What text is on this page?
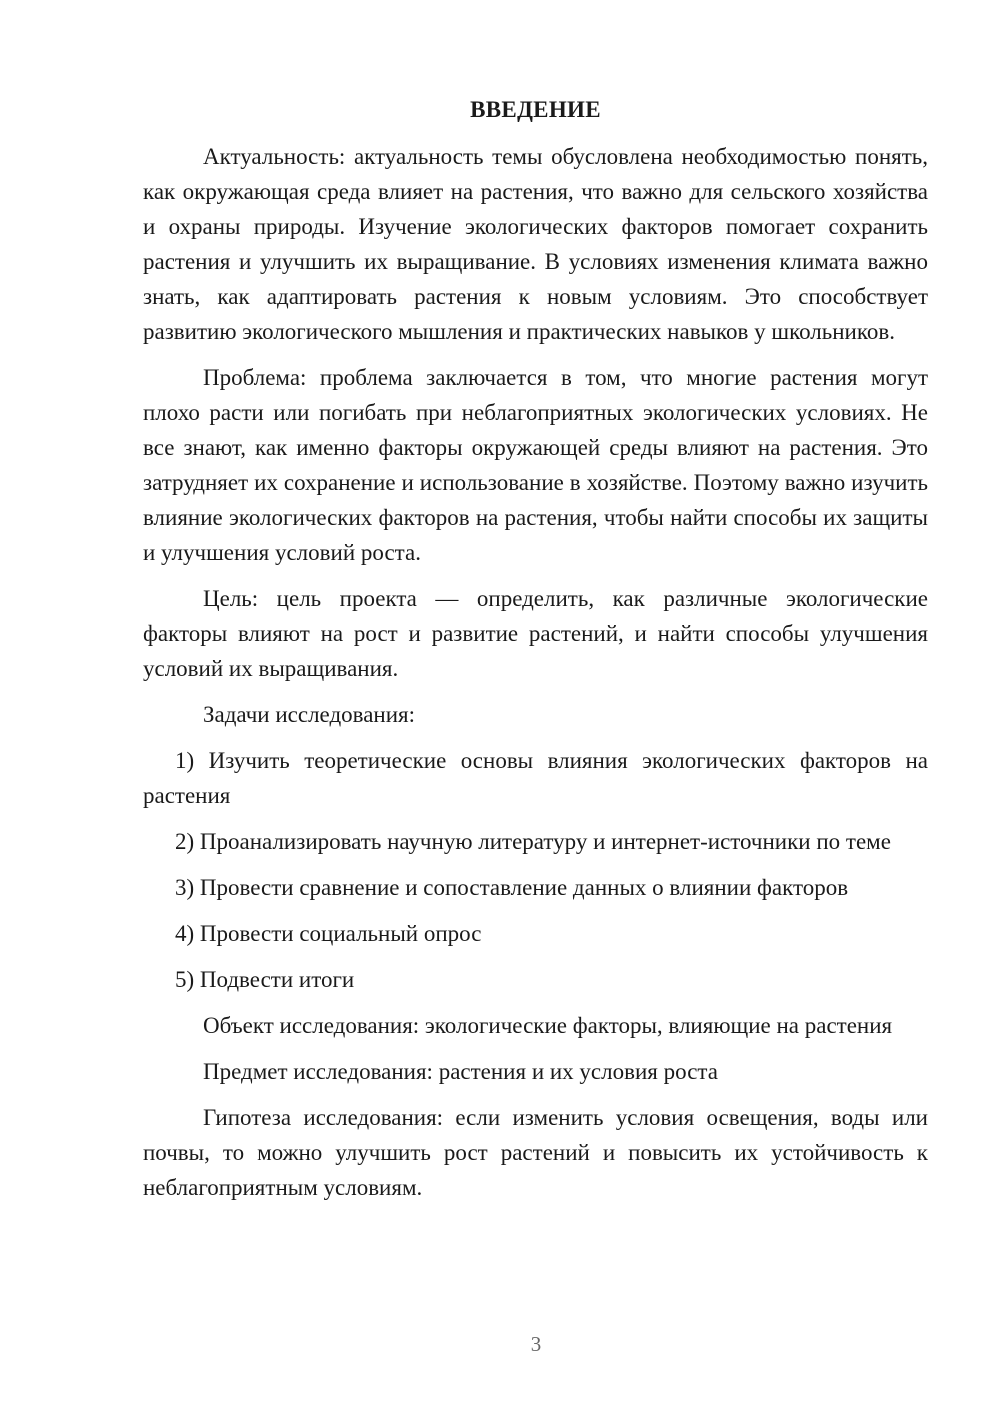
ВВЕДЕНИЕ

Актуальность: актуальность темы обусловлена необходимостью понять, как окружающая среда влияет на растения, что важно для сельского хозяйства и охраны природы. Изучение экологических факторов помогает сохранить растения и улучшить их выращивание. В условиях изменения климата важно знать, как адаптировать растения к новым условиям. Это способствует развитию экологического мышления и практических навыков у школьников.

Проблема: проблема заключается в том, что многие растения могут плохо расти или погибать при неблагоприятных экологических условиях. Не все знают, как именно факторы окружающей среды влияют на растения. Это затрудняет их сохранение и использование в хозяйстве. Поэтому важно изучить влияние экологических факторов на растения, чтобы найти способы их защиты и улучшения условий роста.

Цель: цель проекта — определить, как различные экологические факторы влияют на рост и развитие растений, и найти способы улучшения условий их выращивания.

Задачи исследования:

1) Изучить теоретические основы влияния экологических факторов на растения

2) Проанализировать научную литературу и интернет-источники по теме

3) Провести сравнение и сопоставление данных о влиянии факторов

4) Провести социальный опрос

5) Подвести итоги

Объект исследования: экологические факторы, влияющие на растения

Предмет исследования: растения и их условия роста

Гипотеза исследования: если изменить условия освещения, воды или почвы, то можно улучшить рост растений и повысить их устойчивость к неблагоприятным условиям.

3
